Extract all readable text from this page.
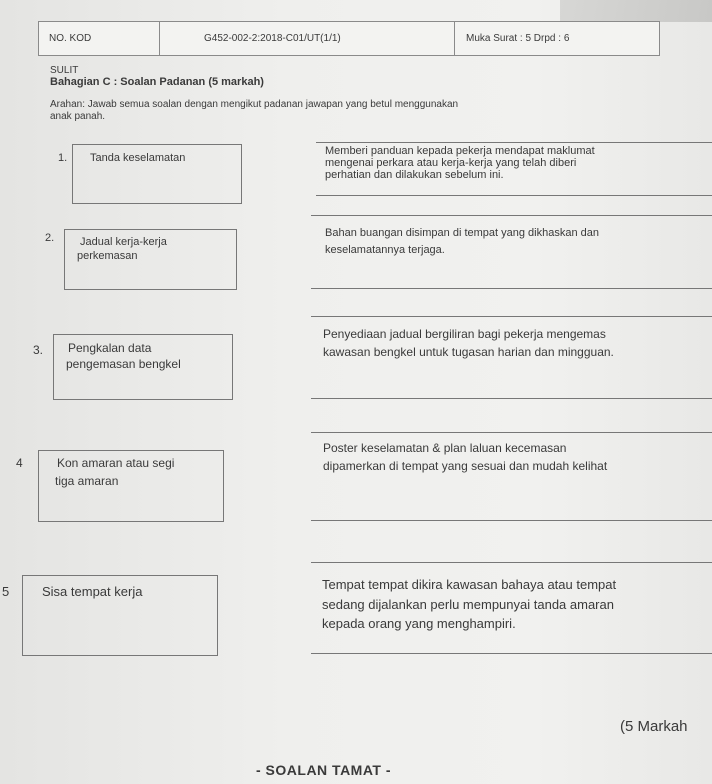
NO. KOD	G452-002-2:2018-C01/UT(1/1)	Muka Surat : 5 Drpd : 6
SULIT
Bahagian C : Soalan Padanan (5 markah)
Arahan: Jawab semua soalan dengan mengikut padanan jawapan yang betul menggunakan
anak panah.
1. Tanda keselamatan
Memberi panduan kepada pekerja mendapat maklumat
mengenai perkara atau kerja-kerja yang telah diberi
perhatian dan dilakukan sebelum ini.
2. Jadual kerja-kerja
perkemasan
Bahan buangan disimpan di tempat yang dikhaskan dan
keselamatannya terjaga.
3. Pengkalan data
pengemasan bengkel
Penyediaan jadual bergiliran bagi pekerja mengemas
kawasan bengkel untuk tugasan harian dan mingguan.
4	Kon amaran atau segi
tiga amaran
Poster keselamatan & plan laluan kecemasan
dipamerkan di tempat yang sesuai dan mudah kelihat
5	Sisa tempat kerja	Tempat tempat dikira kawasan bahaya atau tempat
sedang dijalankan perlu mempunyai tanda amaran
kepada orang yang menghampiri.
(5 Markah
- SOALAN TAMAT -
